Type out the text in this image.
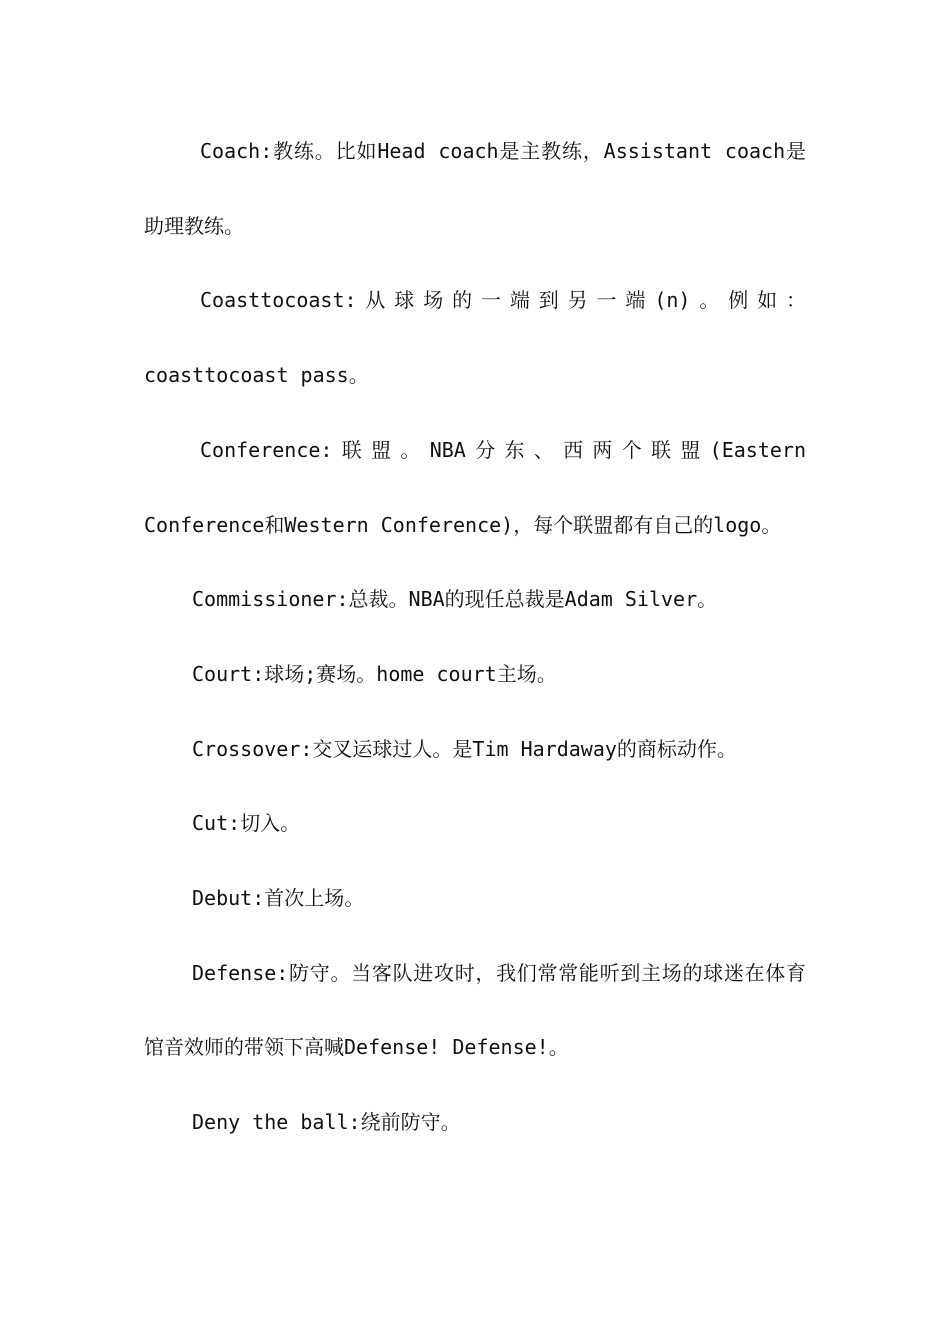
Coach:教练。比如Head coach是主教练，Assistant coach是助理教练。

Coasttocoast:从球场的一端到另一端(n)。例如：coasttocoast pass。

Conference:联盟。NBA分东、西两个联盟(Eastern Conference和Western Conference)，每个联盟都有自己的logo。

Commissioner:总裁。NBA的现任总裁是Adam Silver。

Court:球场;赛场。home court主场。

Crossover:交叉运球过人。是Tim Hardaway的商标动作。

Cut:切入。

Debut:首次上场。

Defense:防守。当客队进攻时，我们常常能听到主场的球迷在体育馆音效师的带领下高喊Defense! Defense!。

Deny the ball:绕前防守。
